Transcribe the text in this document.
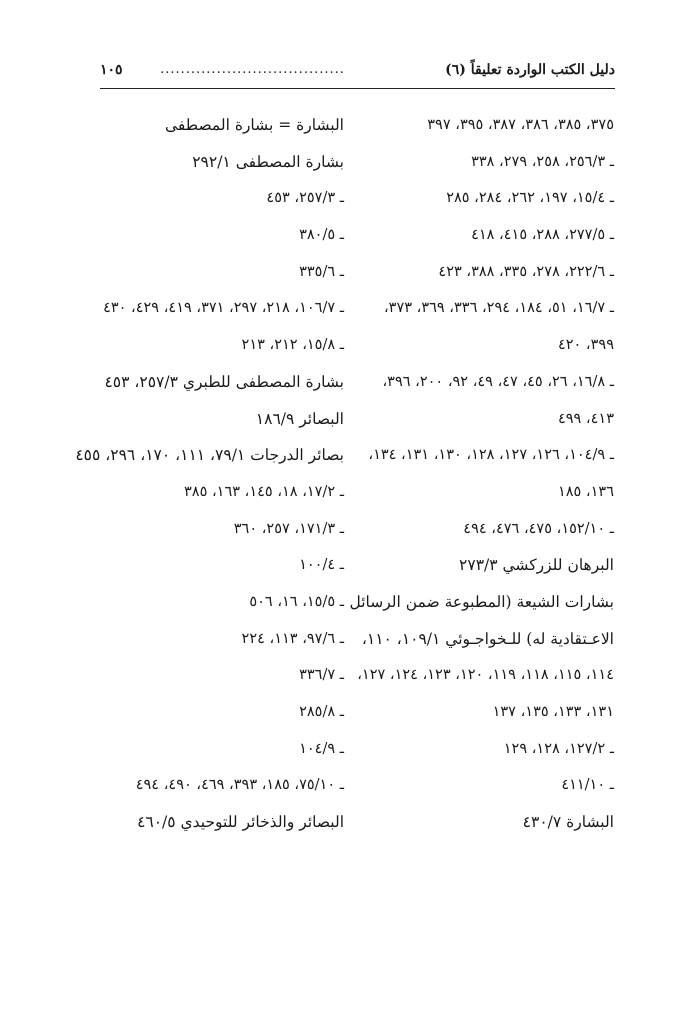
دليل الكتب الواردة تعليقاً (٦)
....................................
١٠٥
٣٧٥، ٣٨٥، ٣٨٦، ٣٨٧، ٣٩٥، ٣٩٧
ـ ٢٥٦/٣، ٢٥٨، ٢٧٩، ٣٣٨
ـ ١٥/٤، ١٩٧، ٢٦٢، ٢٨٤، ٢٨٥
ـ ٢٧٧/٥، ٢٨٨، ٤١٥، ٤١٨
ـ ٢٢٢/٦، ٢٧٨، ٣٣٥، ٣٨٨، ٤٢٣
ـ ١٦/٧، ٥١، ١٨٤، ٢٩٤، ٣٣٦، ٣٦٩، ٣٧٣،
٣٩٩، ٤٢٠
ـ ١٦/٨، ٢٦، ٤٥، ٤٧، ٤٩، ٩٢، ٢٠٠، ٣٩٦،
٤١٣، ٤٩٩
ـ ١٠٤/٩، ١٢٦، ١٢٧، ١٢٨، ١٣٠، ١٣١، ١٣٤،
١٣٦، ١٨٥
ـ ١٥٢/١٠، ٤٧٥، ٤٧٦، ٤٩٤
البرهان للزركشي ٢٧٣/٣
بشارات الشيعة (المطبوعة ضمن الرسائل
الاعـتقادية له) للـخواجـوئي ١٠٩/١، ١١٠،
١١٤، ١١٥، ١١٨، ١١٩، ١٢٠، ١٢٣، ١٢٤، ١٢٧،
١٣١، ١٣٣، ١٣٥، ١٣٧
ـ ١٢٧/٢، ١٢٨، ١٢٩
ـ ٤١١/١٠
البشارة ٤٣٠/٧
البشارة = بشارة المصطفى
بشارة المصطفى ٢٩٢/١
ـ ٢٥٧/٣، ٤٥٣
ـ ٣٨٠/٥
ـ ٣٣٥/٦
ـ ١٠٦/٧، ٢١٨، ٢٩٧، ٣٧١، ٤١٩، ٤٢٩، ٤٣٠
ـ ١٥/٨، ٢١٢، ٢١٣
بشارة المصطفى للطبري ٢٥٧/٣، ٤٥٣
البصائر ١٨٦/٩
بصائر الدرجات ٧٩/١، ١١١، ١٧٠، ٢٩٦، ٤٥٥
ـ ١٧/٢، ١٨، ١٤٥، ١٦٣، ٣٨٥
ـ ١٧١/٣، ٢٥٧، ٣٦٠
ـ ١٠٠/٤
ـ ١٥/٥، ١٦، ٥٠٦
ـ ٩٧/٦، ١١٣، ٢٢٤
ـ ٣٣٦/٧
ـ ٢٨٥/٨
ـ ١٠٤/٩
ـ ٧٥/١٠، ١٨٥، ٣٩٣، ٤٦٩، ٤٩٠، ٤٩٤
البصائر والذخائر للتوحيدي ٤٦٠/٥
